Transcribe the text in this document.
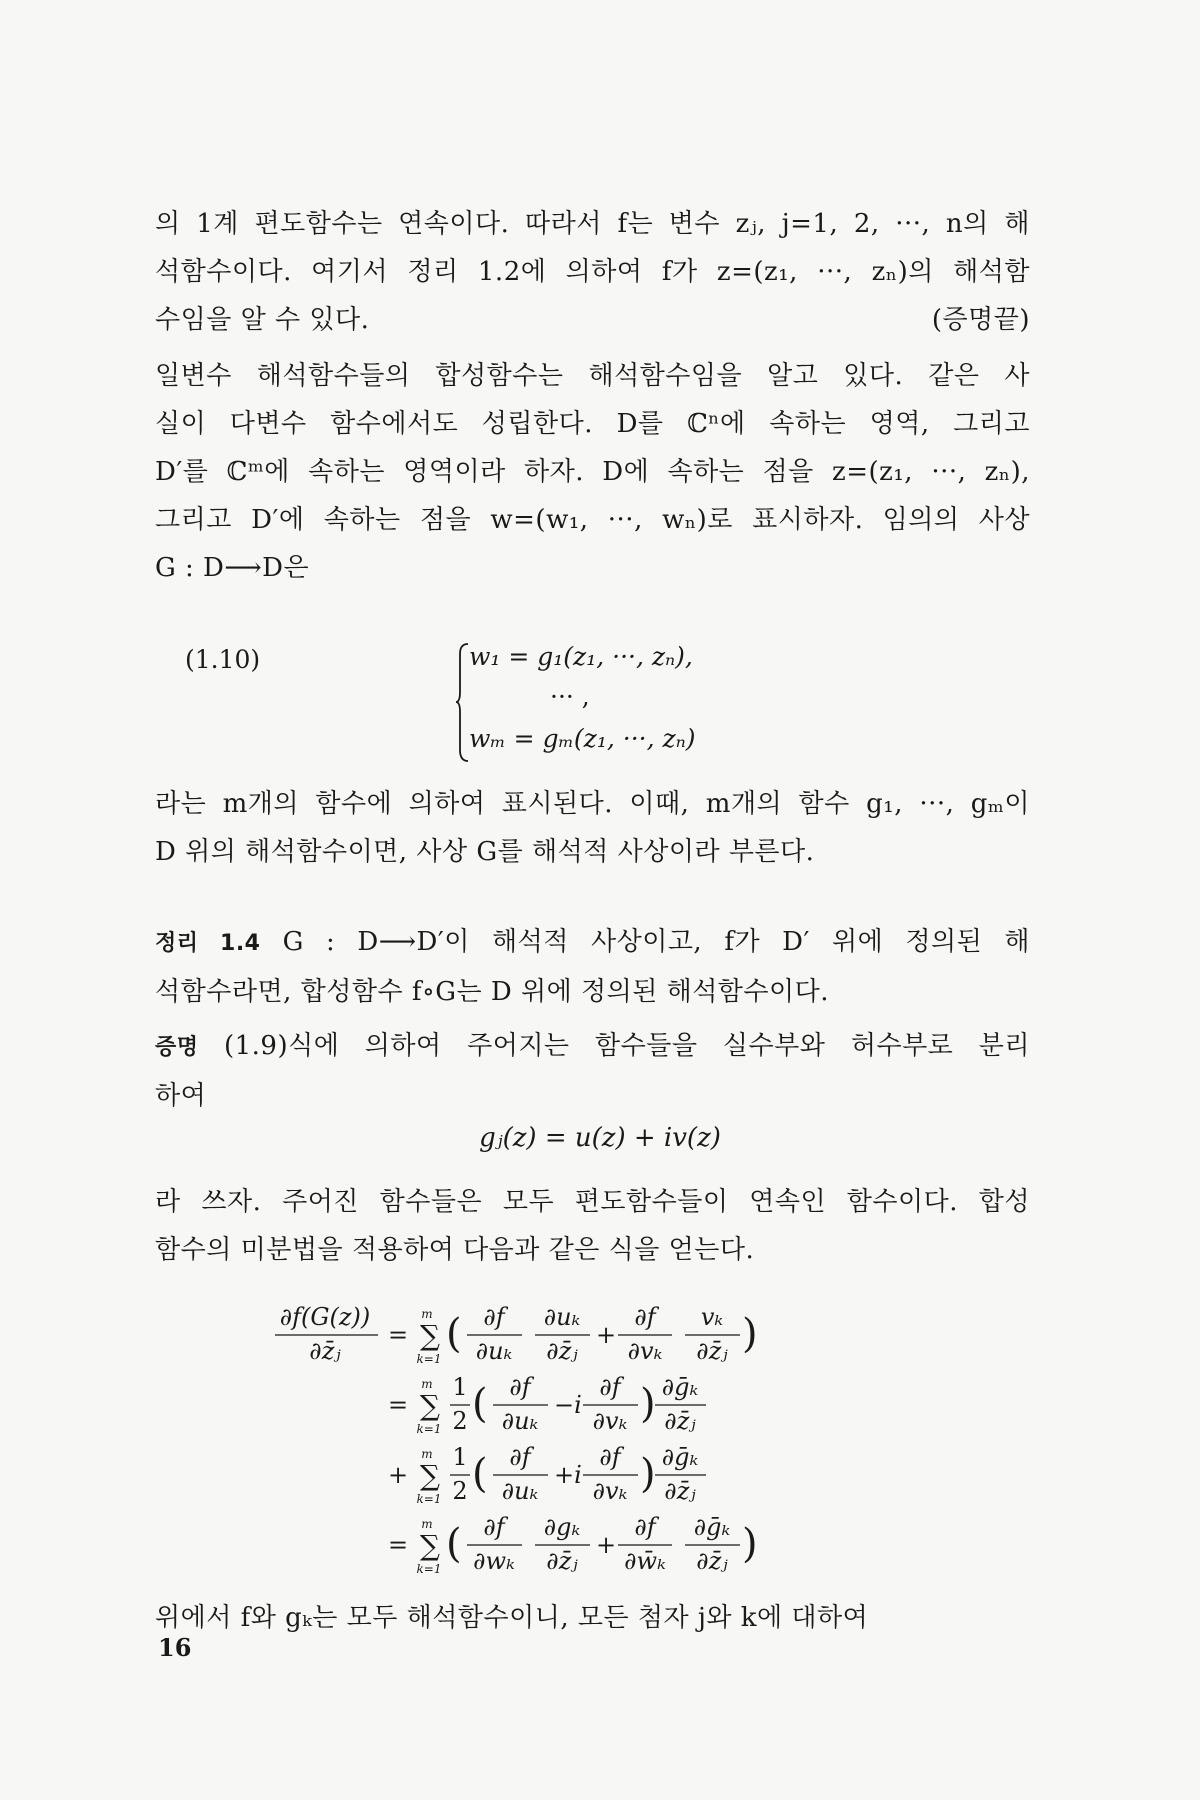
의 1계 편도함수는 연속이다. 따라서 f는 변수 zⱼ, j=1, 2, ···, n의 해
석함수이다. 여기서 정리 1.2에 의하여 f가 z=(z₁, ···, zₙ)의 해석함
수임을 알 수 있다.	(증명끝)
일변수 해석함수들의 합성함수는 해석함수임을 알고 있다. 같은 사
실이 다변수 함수에서도 성립한다. D를 ℂⁿ에 속하는 영역, 그리고
D′를 ℂᵐ에 속하는 영역이라 하자. D에 속하는 점을 z=(z₁, ···, zₙ),
그리고 D′에 속하는 점을 w=(w₁, ···, wₙ)로 표시하자. 임의의 사상
G : D⟶D은
(1.10)	w₁ = g₁(z₁, ···, zₙ),
··· ,
wₘ = gₘ(z₁, ···, zₙ)
라는 m개의 함수에 의하여 표시된다. 이때, m개의 함수 g₁, ···, gₘ이
D 위의 해석함수이면, 사상 G를 해석적 사상이라 부른다.
정리 1.4 G : D⟶D′이 해석적 사상이고, f가 D′ 위에 정의된 해
석함수라면, 합성함수 f∘G는 D 위에 정의된 해석함수이다.
증명 (1.9)식에 의하여 주어지는 함수들을 실수부와 허수부로 분리
하여
gⱼ(z) = u(z) + iv(z)
라 쓰자. 주어진 함수들은 모두 편도함수들이 연속인 함수이다. 합성
함수의 미분법을 적용하여 다음과 같은 식을 얻는다.
∂f(G(z))
∂z̄ⱼ
= ∑
m
k=1
( ∂f
∂uₖ
∂uₖ
∂z̄ⱼ
+
∂f
∂vₖ
vₖ
∂z̄ⱼ )
= ∑
m
k=1
1
2 ( ∂f
∂uₖ
−i
∂f
∂vₖ ) ∂ḡₖ
∂z̄ⱼ
+ ∑
m
k=1
1
2 ( ∂f
∂uₖ
+i
∂f
∂vₖ ) ∂ḡₖ
∂z̄ⱼ
= ∑
m
k=1
( ∂f
∂wₖ
∂gₖ
∂z̄ⱼ
+
∂f
∂w̄ₖ
∂ḡₖ
∂z̄ⱼ )
위에서 f와 gₖ는 모두 해석함수이니, 모든 첨자 j와 k에 대하여
16
